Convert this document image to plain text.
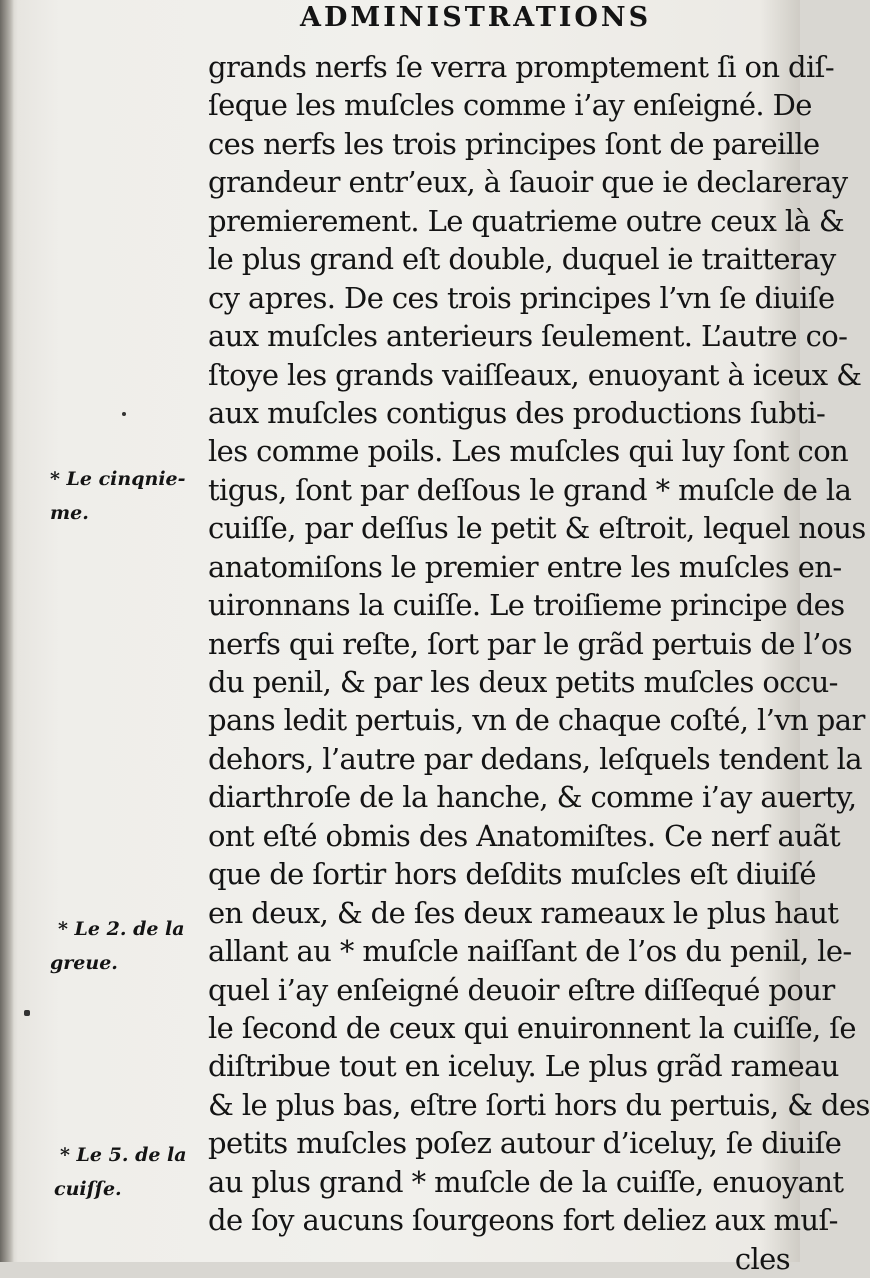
ADMINISTRATIONS
grands nerfs ſe verra promptement ſi on diſ-
ſeque les muſcles comme i’ay enſeigné. De
ces nerfs les trois principes ſont de pareille
grandeur entr’eux, à ſauoir que ie declareray
premierement. Le quatrieme outre ceux là &
le plus grand eſt double, duquel ie traitteray
cy apres. De ces trois principes l’vn ſe diuiſe
aux muſcles anterieurs ſeulement. L’autre co-
ſtoye les grands vaiſſeaux, enuoyant à iceux &
aux muſcles contigus des productions ſubti-
les comme poils. Les muſcles qui luy ſont con
tigus, ſont par deſſous le grand * muſcle de la
cuiſſe, par deſſus le petit & eſtroit, lequel nous
anatomiſons le premier entre les muſcles en-
uironnans la cuiſſe. Le troiſieme principe des
nerfs qui reſte, ſort par le grãd pertuis de l’os
du penil, & par les deux petits muſcles occu-
pans ledit pertuis, vn de chaque coſté, l’vn par
dehors, l’autre par dedans, leſquels tendent la
diarthroſe de la hanche, & comme i’ay auerty,
ont eſté obmis des Anatomiſtes. Ce nerf auãt
que de ſortir hors deſdits muſcles eſt diuiſé
en deux, & de ſes deux rameaux le plus haut
allant au * muſcle naiſſant de l’os du penil, le-
quel i’ay enſeigné deuoir eſtre diſſequé pour
le ſecond de ceux qui enuironnent la cuiſſe, ſe
diſtribue tout en iceluy. Le plus grãd rameau
& le plus bas, eſtre ſorti hors du pertuis, & des
petits muſcles poſez autour d’iceluy, ſe diuiſe
au plus grand * muſcle de la cuiſſe, enuoyant
de ſoy aucuns ſourgeons fort deliez aux muſ-
cles
* Le cinqnie-
me.
* Le 2. de la
greue.
* Le 5. de la
cuiſſe.
